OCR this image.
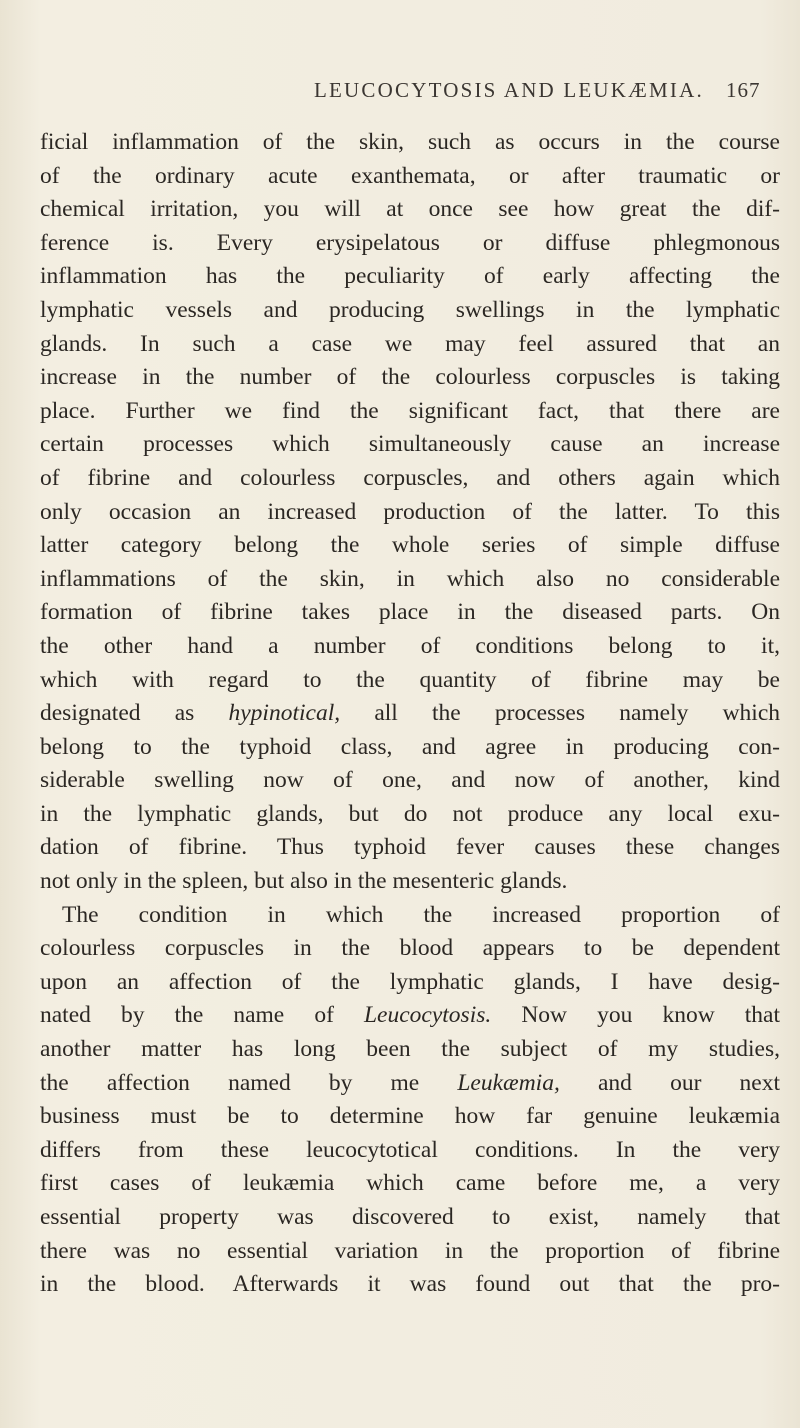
LEUCOCYTOSIS AND LEUKÆMIA. 167
ficial inflammation of the skin, such as occurs in the course
of the ordinary acute exanthemata, or after traumatic or
chemical irritation, you will at once see how great the dif-
ference is. Every erysipelatous or diffuse phlegmonous
inflammation has the peculiarity of early affecting the
lymphatic vessels and producing swellings in the lymphatic
glands. In such a case we may feel assured that an
increase in the number of the colourless corpuscles is taking
place. Further we find the significant fact, that there are
certain processes which simultaneously cause an increase
of fibrine and colourless corpuscles, and others again which
only occasion an increased production of the latter. To this
latter category belong the whole series of simple diffuse
inflammations of the skin, in which also no considerable
formation of fibrine takes place in the diseased parts. On
the other hand a number of conditions belong to it,
which with regard to the quantity of fibrine may be
designated as hypinotical, all the processes namely which
belong to the typhoid class, and agree in producing con-
siderable swelling now of one, and now of another, kind
in the lymphatic glands, but do not produce any local exu-
dation of fibrine. Thus typhoid fever causes these changes
not only in the spleen, but also in the mesenteric glands.
The condition in which the increased proportion of
colourless corpuscles in the blood appears to be dependent
upon an affection of the lymphatic glands, I have desig-
nated by the name of Leucocytosis. Now you know that
another matter has long been the subject of my studies,
the affection named by me Leukæmia, and our next
business must be to determine how far genuine leukæmia
differs from these leucocytotical conditions. In the very
first cases of leukæmia which came before me, a very
essential property was discovered to exist, namely that
there was no essential variation in the proportion of fibrine
in the blood. Afterwards it was found out that the pro-
